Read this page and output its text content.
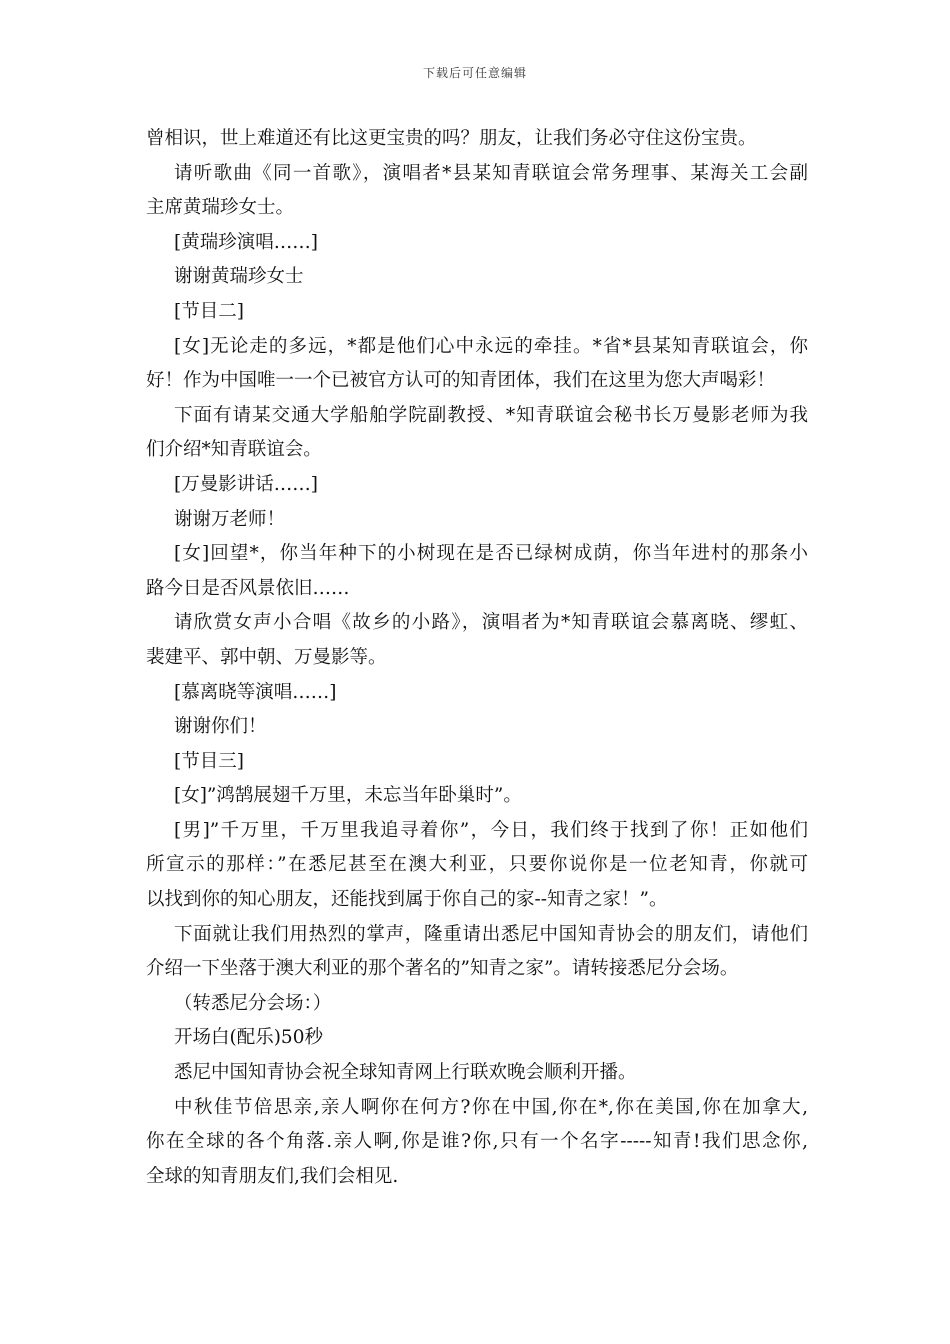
下载后可任意编辑
曾相识，世上难道还有比这更宝贵的吗？朋友，让我们务必守住这份宝贵。
请听歌曲《同一首歌》，演唱者*县某知青联谊会常务理事、某海关工会副
主席黄瑞珍女士。
[黄瑞珍演唱……]
谢谢黄瑞珍女士
[节目二]
[女]无论走的多远，*都是他们心中永远的牵挂。*省*县某知青联谊会，你
好！作为中国唯一一个已被官方认可的知青团体，我们在这里为您大声喝彩！
下面有请某交通大学船舶学院副教授、*知青联谊会秘书长万曼影老师为我
们介绍*知青联谊会。
[万曼影讲话……]
谢谢万老师！
[女]回望*，你当年种下的小树现在是否已绿树成荫，你当年进村的那条小
路今日是否风景依旧……
请欣赏女声小合唱《故乡的小路》，演唱者为*知青联谊会慕离晓、缪虹、
裴建平、郭中朝、万曼影等。
[慕离晓等演唱……]
谢谢你们！
[节目三]
[女]”鸿鹄展翅千万里，未忘当年卧巢时”。
[男]”千万里，千万里我追寻着你”，今日，我们终于找到了你！正如他们
所宣示的那样：”在悉尼甚至在澳大利亚，只要你说你是一位老知青，你就可
以找到你的知心朋友，还能找到属于你自己的家--知青之家！”。
下面就让我们用热烈的掌声，隆重请出悉尼中国知青协会的朋友们，请他们
介绍一下坐落于澳大利亚的那个著名的”知青之家”。请转接悉尼分会场。
（转悉尼分会场：）
开场白(配乐)50秒
悉尼中国知青协会祝全球知青网上行联欢晚会顺利开播。
中秋佳节倍思亲,亲人啊你在何方?你在中国,你在*,你在美国,你在加拿大,
你在全球的各个角落.亲人啊,你是谁?你,只有一个名字-----知青!我们思念你,
全球的知青朋友们,我们会相见.
